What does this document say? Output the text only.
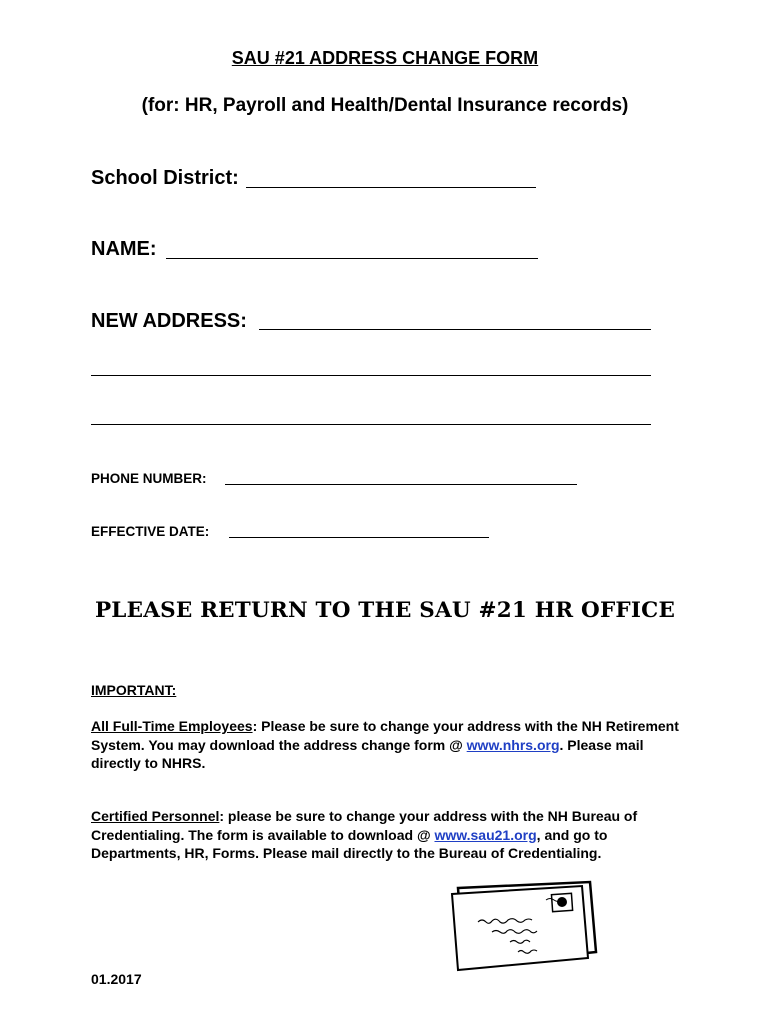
SAU #21 ADDRESS CHANGE FORM
(for: HR, Payroll and Health/Dental Insurance records)
School District:
NAME:
NEW ADDRESS:
PHONE NUMBER:
EFFECTIVE DATE:
PLEASE RETURN TO THE SAU #21 HR OFFICE
IMPORTANT:
All Full-Time Employees: Please be sure to change your address with the NH Retirement System. You may download the address change form @ www.nhrs.org. Please mail directly to NHRS.
Certified Personnel: please be sure to change your address with the NH Bureau of Credentialing. The form is available to download @ www.sau21.org, and go to Departments, HR, Forms. Please mail directly to the Bureau of Credentialing.
01.2017
